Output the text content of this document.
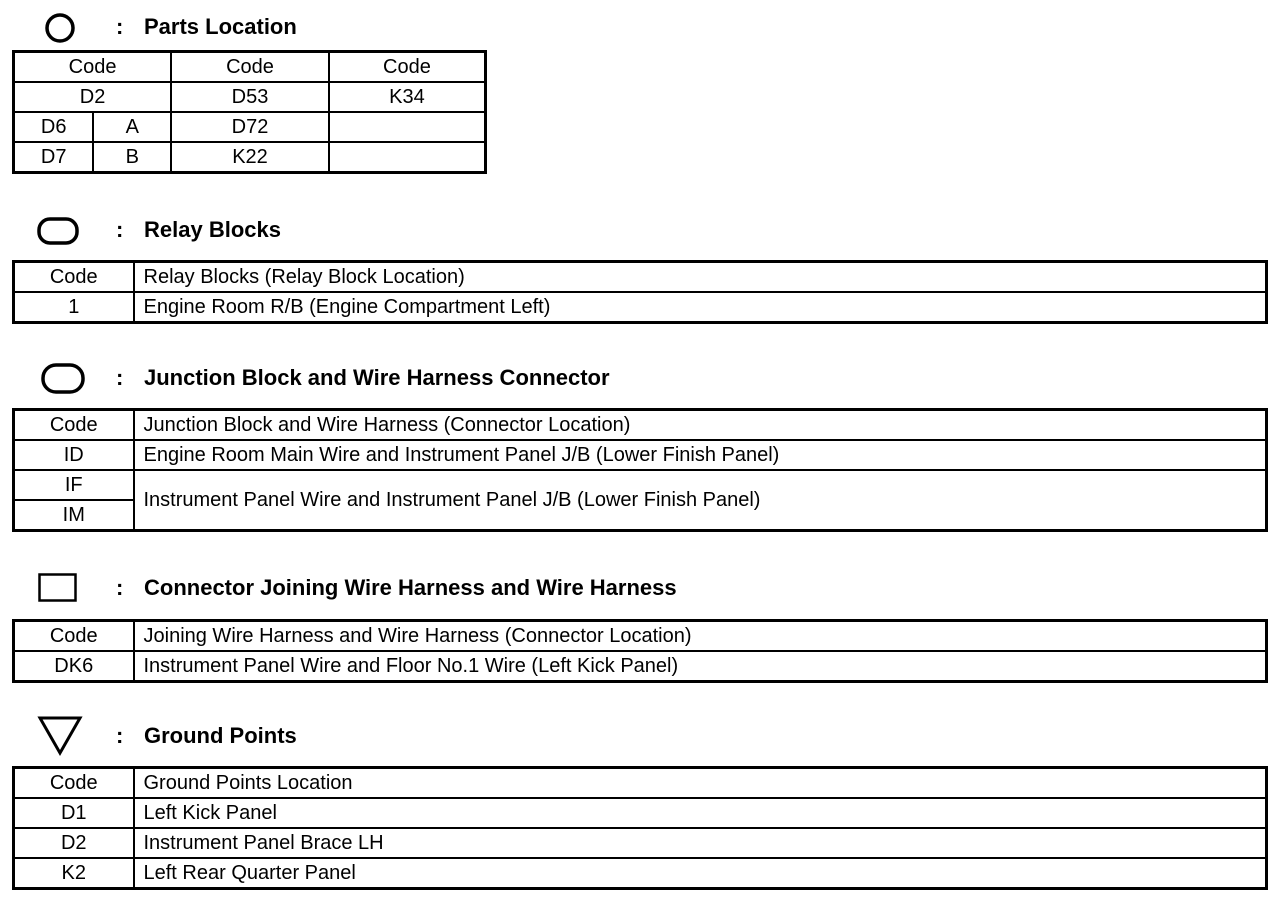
: Parts Location
Code		Code	Code
D2		D53	K34
D6	A	D72	
D7	B	K22	
: Relay Blocks
Code	Relay Blocks (Relay Block Location)
1	Engine Room R/B (Engine Compartment Left)
: Junction Block and Wire Harness Connector
Code	Junction Block and Wire Harness (Connector Location)
ID	Engine Room Main Wire and Instrument Panel J/B (Lower Finish Panel)
IF	Instrument Panel Wire and Instrument Panel J/B (Lower Finish Panel)
IM	
: Connector Joining Wire Harness and Wire Harness
Code	Joining Wire Harness and Wire Harness (Connector Location)
DK6	Instrument Panel Wire and Floor No.1 Wire (Left Kick Panel)
: Ground Points
Code	Ground Points Location
D1	Left Kick Panel
D2	Instrument Panel Brace LH
K2	Left Rear Quarter Panel
